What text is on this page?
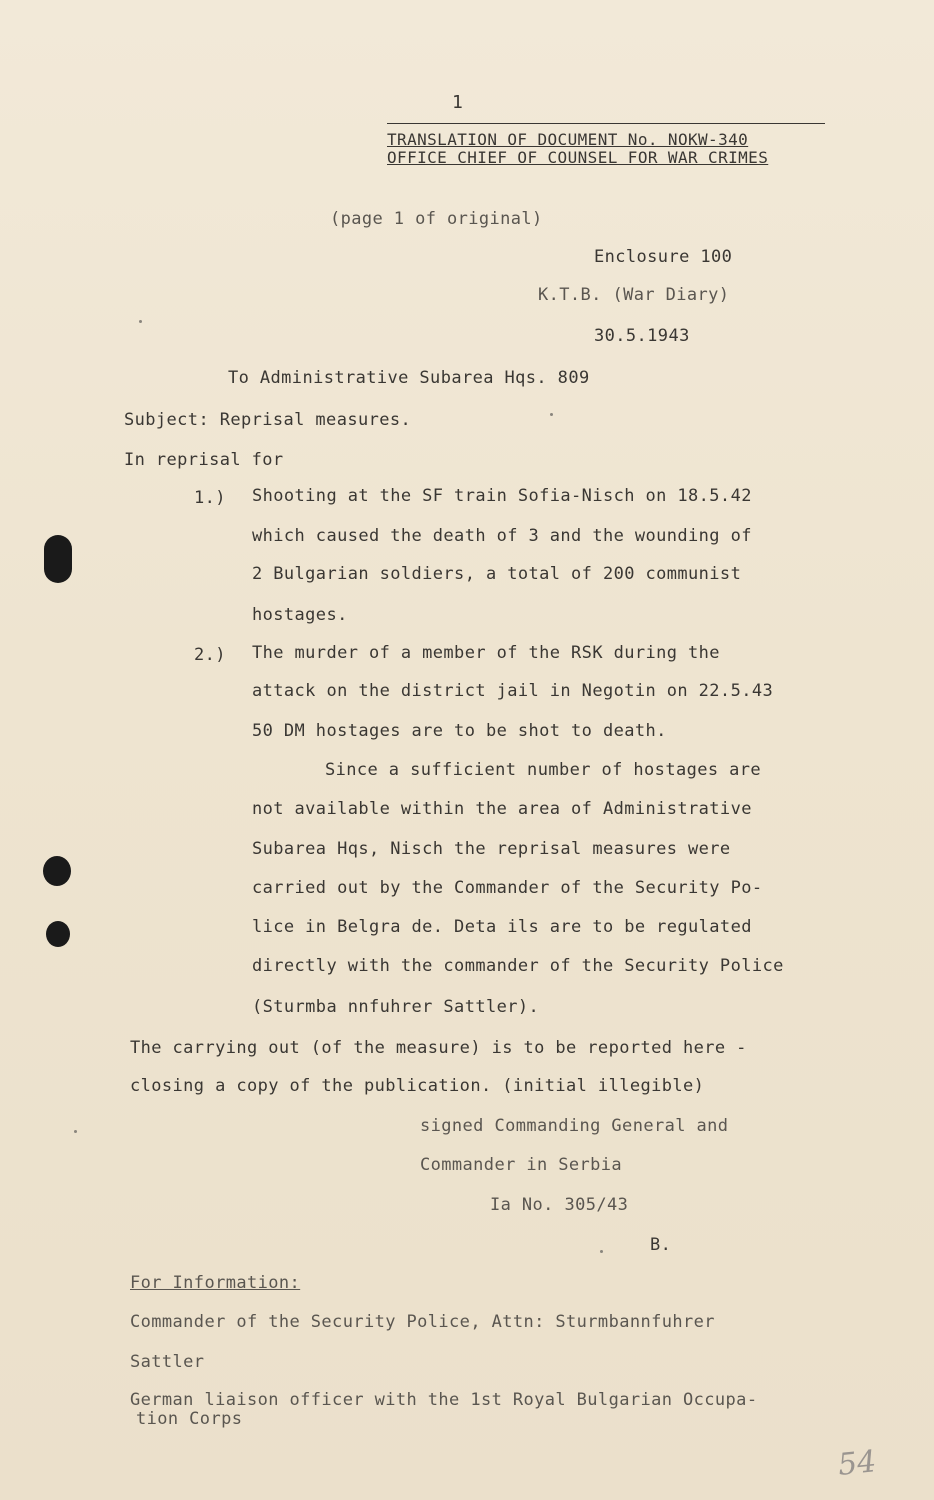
1
TRANSLATION OF DOCUMENT No. NOKW-340
OFFICE CHIEF OF COUNSEL FOR WAR CRIMES
(page 1 of original)
Enclosure 100
K.T.B. (War Diary)
30.5.1943
To Administrative Subarea Hqs. 809
Subject: Reprisal measures.
In reprisal for
1.) Shooting at the SF train Sofia-Nisch on 18.5.42
which caused the death of 3 and the wounding of
2 Bulgarian soldiers, a total of 200 communist
hostages.
2.) The murder of a member of the RSK during the
attack on the district jail in Negotin on 22.5.43
50 DM hostages are to be shot to death.
Since a sufficient number of hostages are
not available within the area of Administrative
Subarea Hqs, Nisch the reprisal measures were
carried out by the Commander of the Security Po-
lice in Belgra de. Deta ils are to be regulated
directly with the commander of the Security Police
(Sturmba nnfuhrer Sattler).
The carrying out (of the measure) is to be reported here -
closing a copy of the publication. (initial illegible)
signed Commanding General and
Commander in Serbia
Ia No. 305/43
B.
For Information:
Commander of the Security Police, Attn: Sturmbannfuhrer
Sattler
German liaison officer with the 1st Royal Bulgarian Occupa-
tion Corps
54
